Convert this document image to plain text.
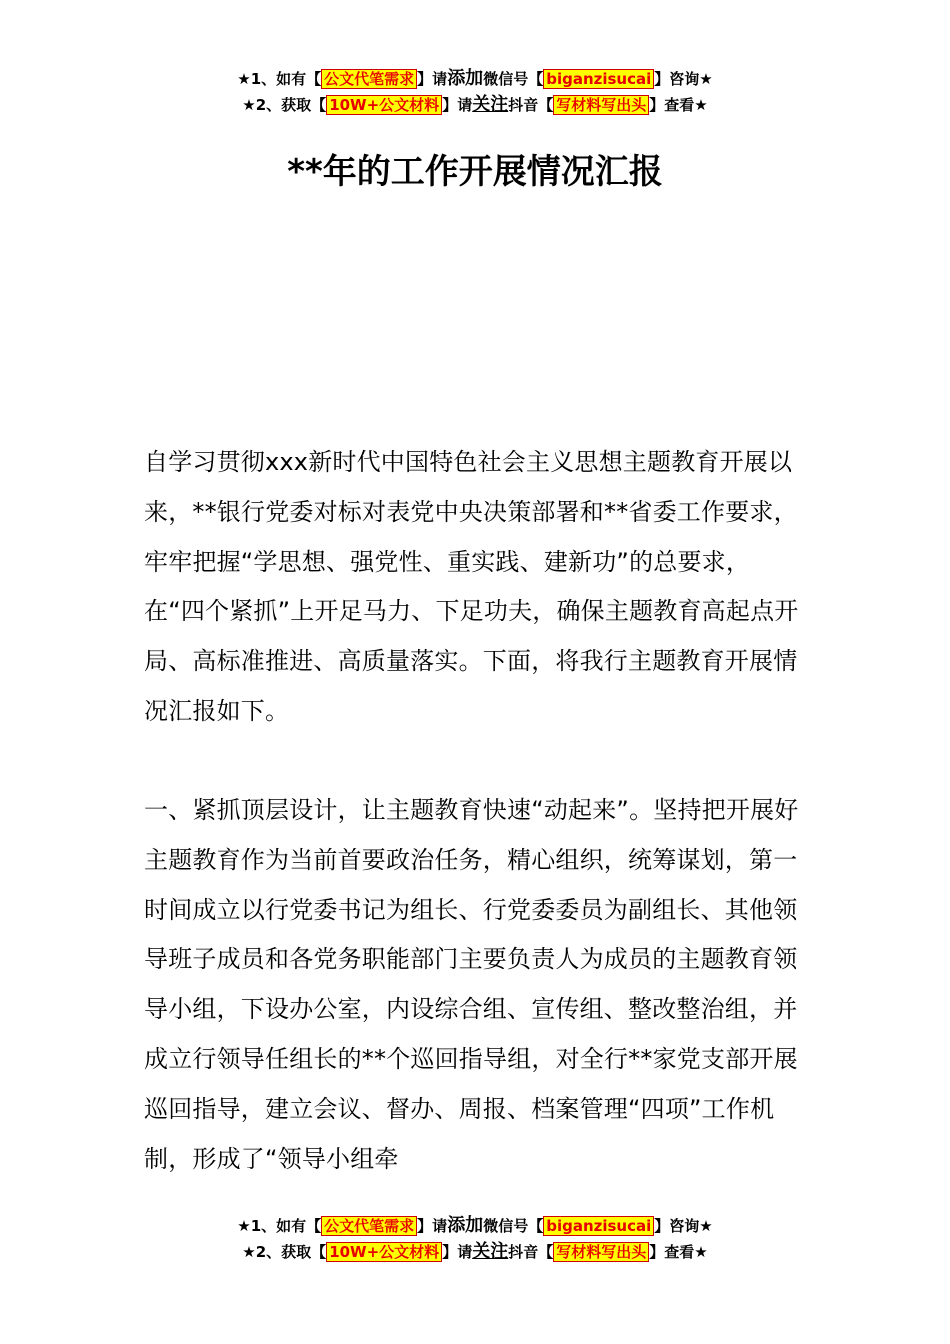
★1、如有【 公文代笔需求 】请添加微信号【 biganzisucai 】咨询★
★2、获取【 10W+公文材料 】请关注抖音【 写材料写出头 】查看★
**年的工作开展情况汇报

自学习贯彻xxx新时代中国特色社会主义思想主题教育开展以来，**银行党委对标对表党中央决策部署和**省委工作要求，牢牢把握“学思想、强党性、重实践、建新功”的总要求，在“四个紧抓”上开足马力、下足功夫，确保主题教育高起点开局、高标准推进、高质量落实。下面，将我行主题教育开展情况汇报如下。

一、紧抓顶层设计，让主题教育快速“动起来”。坚持把开展好主题教育作为当前首要政治任务，精心组织，统筹谋划，第一时间成立以行党委书记为组长、行党委委员为副组长、其他领导班子成员和各党务职能部门主要负责人为成员的主题教育领导小组，下设办公室，内设综合组、宣传组、整改整治组，并成立行领导任组长的**个巡回指导组，对全行**家党支部开展巡回指导，建立会议、督办、周报、档案管理“四项”工作机制，形成了“领导小组牵

★1、如有【 公文代笔需求 】请添加微信号【 biganzisucai 】咨询★
★2、获取【 10W+公文材料 】请关注抖音【 写材料写出头 】查看★
